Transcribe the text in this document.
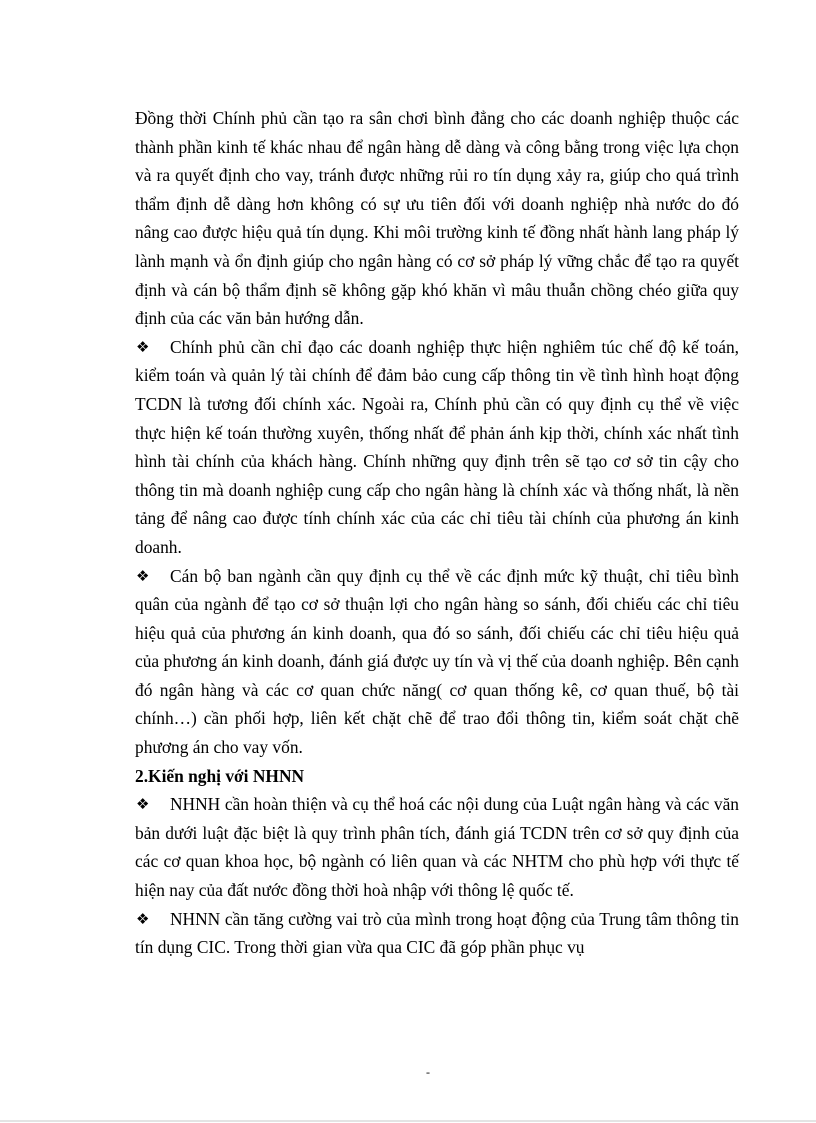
Đồng thời Chính phủ cần tạo ra sân chơi bình đẳng cho các doanh nghiệp thuộc các thành phần kinh tế khác nhau để ngân hàng dễ dàng và công bằng trong việc lựa chọn và ra quyết định cho vay, tránh được những rủi ro tín dụng xảy ra, giúp cho quá trình thẩm định dễ dàng hơn không có sự ưu tiên đối với doanh nghiệp nhà nước do đó nâng cao được hiệu quả tín dụng. Khi môi trường kinh tế đồng nhất hành lang pháp lý lành mạnh và ổn định giúp cho ngân hàng có cơ sở pháp lý vững chắc để tạo ra quyết định và cán bộ thẩm định sẽ không gặp khó khăn vì mâu thuẫn chồng chéo giữa quy định của các văn bản hướng dẫn.

❖ Chính phủ cần chỉ đạo các doanh nghiệp thực hiện nghiêm túc chế độ kế toán, kiểm toán và quản lý tài chính để đảm bảo cung cấp thông tin về tình hình hoạt động TCDN là tương đối chính xác. Ngoài ra, Chính phủ cần có quy định cụ thể về việc thực hiện kế toán thường xuyên, thống nhất để phản ánh kịp thời, chính xác nhất tình hình tài chính của khách hàng. Chính những quy định trên sẽ tạo cơ sở tin cậy cho thông tin mà doanh nghiệp cung cấp cho ngân hàng là chính xác và thống nhất, là nền tảng để nâng cao được tính chính xác của các chỉ tiêu tài chính của phương án kinh doanh.

❖ Cán bộ ban ngành cần quy định cụ thể về các định mức kỹ thuật, chỉ tiêu bình quân của ngành để tạo cơ sở thuận lợi cho ngân hàng so sánh, đối chiếu các chỉ tiêu hiệu quả của phương án kinh doanh, qua đó so sánh, đối chiếu các chỉ tiêu hiệu quả của phương án kinh doanh, đánh giá được uy tín và vị thế của doanh nghiệp. Bên cạnh đó ngân hàng và các cơ quan chức năng( cơ quan thống kê, cơ quan thuế, bộ tài chính…) cần phối hợp, liên kết chặt chẽ để trao đổi thông tin, kiểm soát chặt chẽ phương án cho vay vốn.

2.Kiến nghị với NHNN

❖ NHNH cần hoàn thiện và cụ thể hoá các nội dung của Luật ngân hàng và các văn bản dưới luật đặc biệt là quy trình phân tích, đánh giá TCDN trên cơ sở quy định của các cơ quan khoa học, bộ ngành có liên quan và các NHTM cho phù hợp với thực tế hiện nay của đất nước đồng thời hoà nhập với thông lệ quốc tế.

❖ NHNN cần tăng cường vai trò của mình trong hoạt động của Trung tâm thông tin tín dụng CIC. Trong thời gian vừa qua CIC đã góp phần phục vụ

-
